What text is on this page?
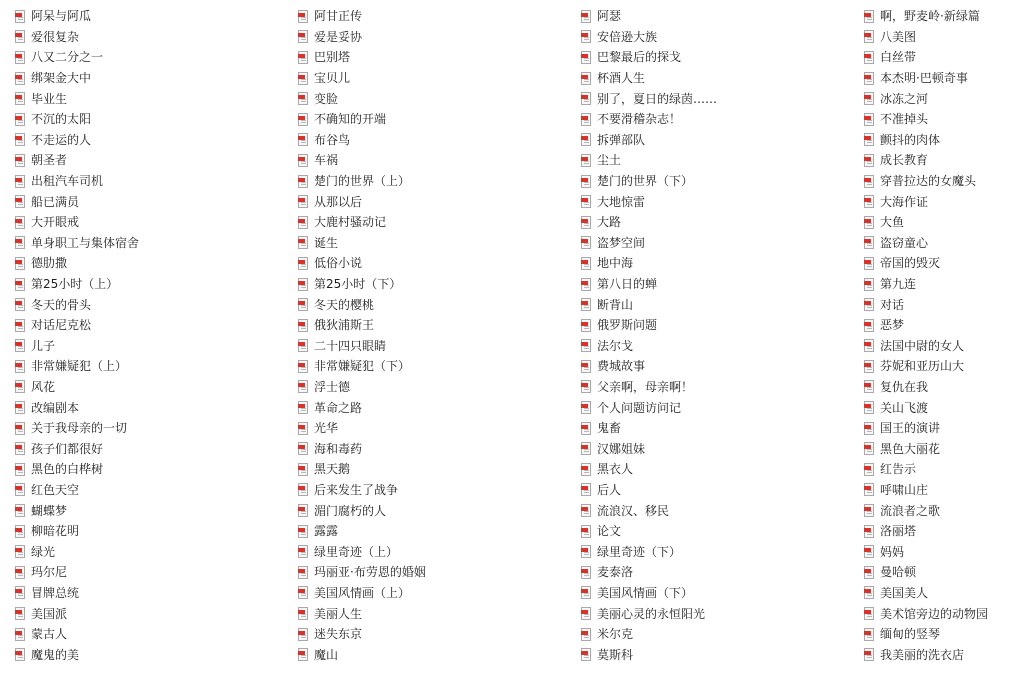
阿呆与阿瓜
爱很复杂
八又二分之一
绑架金大中
毕业生
不沉的太阳
不走运的人
朝圣者
出租汽车司机
船已满员
大开眼戒
单身职工与集体宿舍
德肋撒
第25小时（上）
冬天的骨头
对话尼克松
儿子
非常嫌疑犯（上）
风花
改编剧本
关于我母亲的一切
孩子们都很好
黑色的白桦树
红色天空
蝴蝶梦
柳暗花明
绿光
玛尔尼
冒牌总统
美国派
蒙古人
魔鬼的美
阿甘正传
爱是妥协
巴别塔
宝贝儿
变脸
不确知的开端
布谷鸟
车祸
楚门的世界（上）
从那以后
大鹿村骚动记
诞生
低俗小说
第25小时（下）
冬天的樱桃
俄狄浦斯王
二十四只眼睛
非常嫌疑犯（下）
浮士德
革命之路
光华
海和毒药
黑天鹅
后来发生了战争
湄门腐朽的人
露露
绿里奇迹（上）
玛丽亚·布劳恩的婚姻
美国风情画（上）
美丽人生
迷失东京
魔山
阿瑟
安倍逊大族
巴黎最后的探戈
杯酒人生
别了，夏日的绿茵……
不要滑稽杂志！
拆弹部队
尘土
楚门的世界（下）
大地惊雷
大路
盗梦空间
地中海
第八日的蝉
断背山
俄罗斯问题
法尔戈
费城故事
父亲啊，母亲啊！
个人问题访问记
鬼畜
汉娜姐妹
黑衣人
后人
流浪汉、移民
论文
绿里奇迹（下）
麦泰洛
美国风情画（下）
美丽心灵的永恒阳光
米尔克
莫斯科
啊，野麦岭·新绿篇
八美图
白丝带
本杰明·巴顿奇事
冰冻之河
不准掉头
颤抖的肉体
成长教育
穿普拉达的女魔头
大海作证
大鱼
盗窃童心
帝国的毁灭
第九连
对话
恶梦
法国中尉的女人
芬妮和亚历山大
复仇在我
关山飞渡
国王的演讲
黑色大丽花
红告示
呼啸山庄
流浪者之歌
洛丽塔
妈妈
曼哈顿
美国美人
美术馆旁边的动物园
缅甸的竖琴
我美丽的洗衣店
